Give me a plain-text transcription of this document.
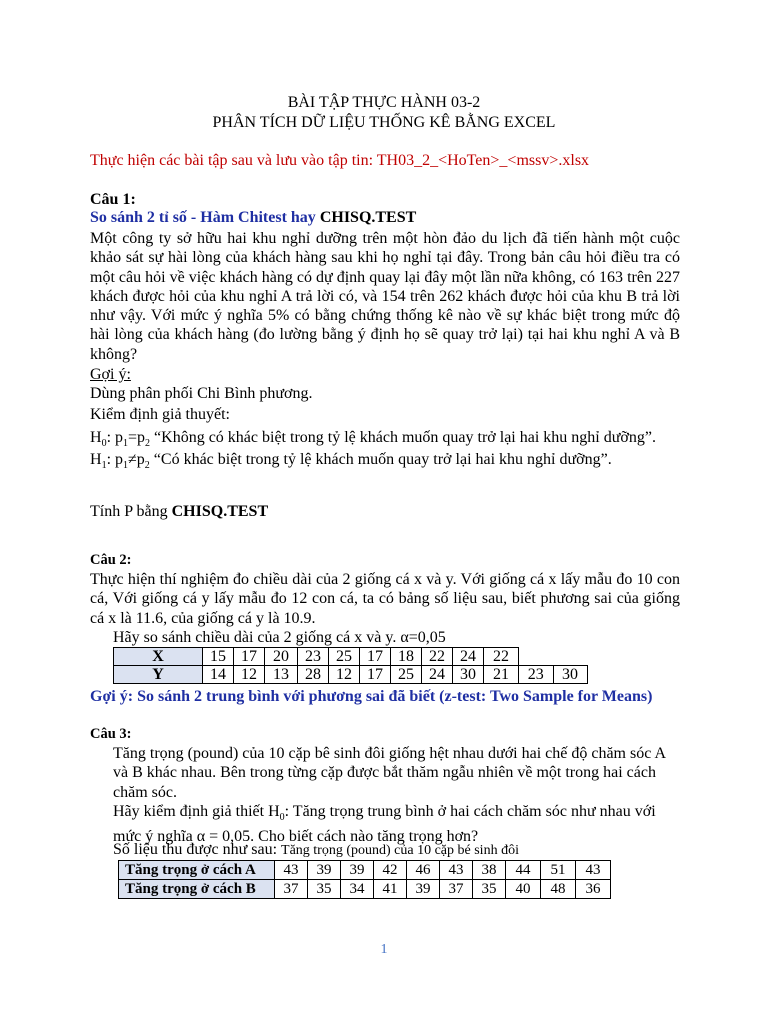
BÀI TẬP THỰC HÀNH 03-2
PHÂN TÍCH DỮ LIỆU THỐNG KÊ BẰNG EXCEL
Thực hiện các bài tập sau và lưu vào tập tin: TH03_2_<HoTen>_<mssv>.xlsx
Câu 1:
So sánh 2 tỉ số - Hàm Chitest hay CHISQ.TEST
Một công ty sở hữu hai khu nghỉ dưỡng trên một hòn đảo du lịch đã tiến hành một cuộc khảo sát sự hài lòng của khách hàng sau khi họ nghỉ tại đây. Trong bản câu hỏi điều tra có một câu hỏi về việc khách hàng có dự định quay lại đây một lần nữa không, có 163 trên 227 khách được hỏi của khu nghỉ A trả lời có, và 154 trên 262 khách được hỏi của khu B trả lời như vậy. Với mức ý nghĩa 5% có bằng chứng thống kê nào về sự khác biệt trong mức độ hài lòng của khách hàng (đo lường bằng ý định họ sẽ quay trở lại) tại hai khu nghỉ A và B không?
Gợi ý:
Dùng phân phối Chi Bình phương.
Kiểm định giả thuyết:
$H_0$: $p_1=p_2$ “Không có khác biệt trong tỷ lệ khách muốn quay trở lại hai khu nghỉ dưỡng”.
$H_1$: $p_1\ne p_2$ “Có khác biệt trong tỷ lệ khách muốn quay trở lại hai khu nghỉ dưỡng”.
Tính P bằng CHISQ.TEST
Câu 2:
Thực hiện thí nghiệm đo chiều dài của 2 giống cá x và y. Với giống cá x lấy mẫu đo 10 con cá, Với giống cá y lấy mẫu đo 12 con cá, ta có bảng số liệu sau, biết phương sai của giống cá x là 11.6, của giống cá y là 10.9.
Hãy so sánh chiều dài của 2 giống cá x và y. α=0,05
X	15	17	20	23	25	17	18	22	24	22		
Y	14	12	13	28	12	17	25	24	30	21	23	30
Gợi ý: So sánh 2 trung bình với phương sai đã biết (z-test: Two Sample for Means)
Câu 3:
Tăng trọng (pound) của 10 cặp bê sinh đôi giống hệt nhau dưới hai chế độ chăm sóc A và B khác nhau. Bên trong từng cặp được bắt thăm ngẫu nhiên về một trong hai cách chăm sóc.
Hãy kiểm định giả thiết $H_0$: Tăng trọng trung bình ở hai cách chăm sóc như nhau với mức ý nghĩa α = 0,05. Cho biết cách nào tăng trọng hơn?
Số liệu thu được như sau: Tăng trọng (pound) của 10 cặp bé sinh đôi
Tăng trọng ở cách A	43	39	39	42	46	43	38	44	51	43
Tăng trọng ở cách B	37	35	34	41	39	37	35	40	48	36
1
